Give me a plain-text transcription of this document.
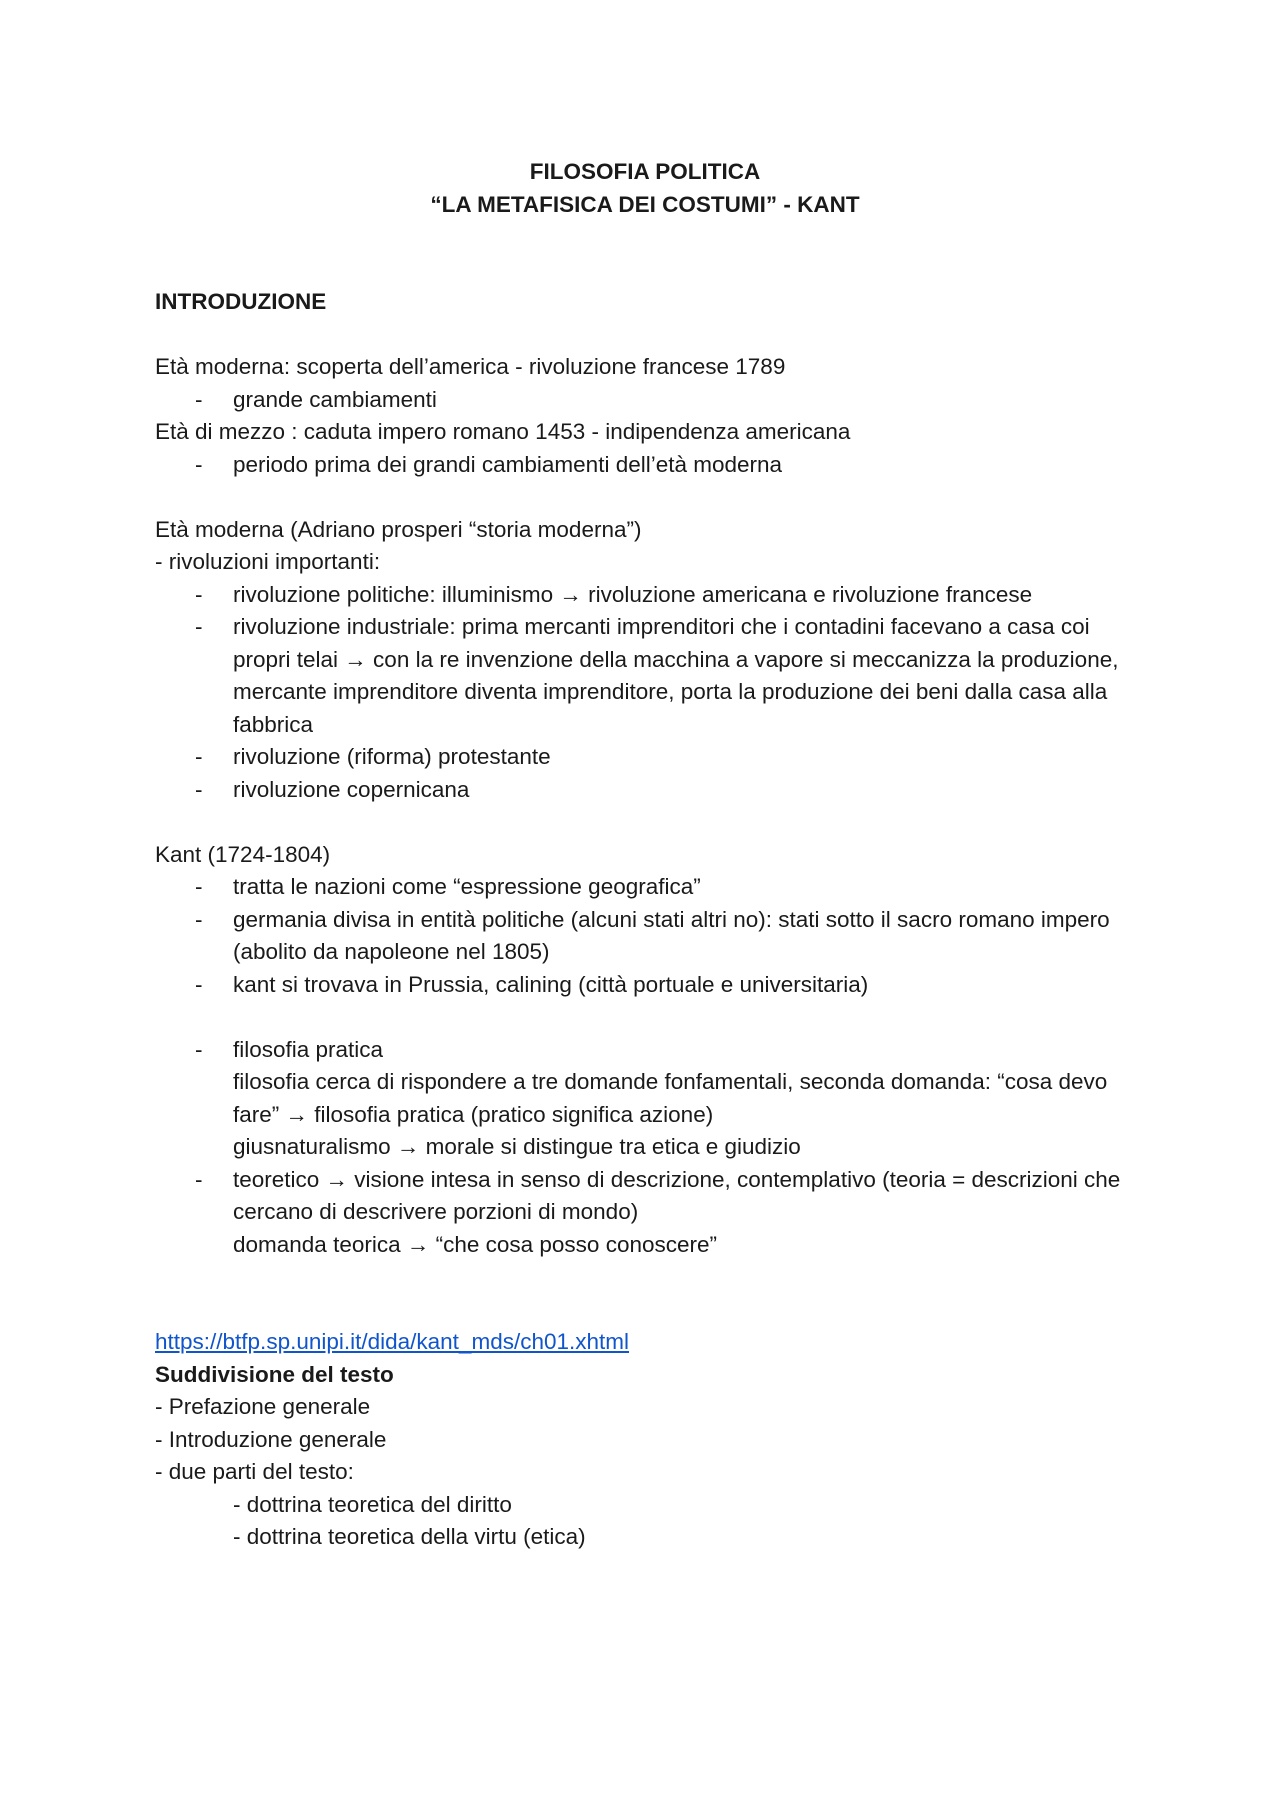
FILOSOFIA POLITICA
“LA METAFISICA DEI COSTUMI” - KANT
INTRODUZIONE
Età moderna: scoperta dell’america - rivoluzione francese 1789
- grande cambiamenti
Età di mezzo : caduta impero romano 1453 - indipendenza americana
- periodo prima dei grandi cambiamenti dell’età moderna
Età moderna (Adriano prosperi “storia moderna”)
- rivoluzioni importanti:
- rivoluzione politiche: illuminismo → rivoluzione americana e rivoluzione francese
- rivoluzione industriale: prima mercanti imprenditori che i contadini facevano a casa coi propri telai → con la re invenzione della macchina a vapore si meccanizza la produzione, mercante imprenditore diventa imprenditore, porta la produzione dei beni dalla casa alla fabbrica
- rivoluzione (riforma) protestante
- rivoluzione copernicana
Kant (1724-1804)
- tratta le nazioni come “espressione geografica”
- germania divisa in entità politiche (alcuni stati altri no): stati sotto il sacro romano impero (abolito da napoleone nel 1805)
- kant si trovava in Prussia, calining (città portuale e universitaria)
- filosofia pratica
filosofia cerca di rispondere a tre domande fonfamentali, seconda domanda: “cosa devo fare” → filosofia pratica (pratico significa azione)
giusnaturalismo → morale si distingue tra etica e giudizio
- teoretico → visione intesa in senso di descrizione, contemplativo (teoria = descrizioni che cercano di descrivere porzioni di mondo)
domanda teorica → “che cosa posso conoscere”
https://btfp.sp.unipi.it/dida/kant_mds/ch01.xhtml
Suddivisione del testo
- Prefazione generale
- Introduzione generale
- due parti del testo:
- dottrina teoretica del diritto
- dottrina teoretica della virtu (etica)
